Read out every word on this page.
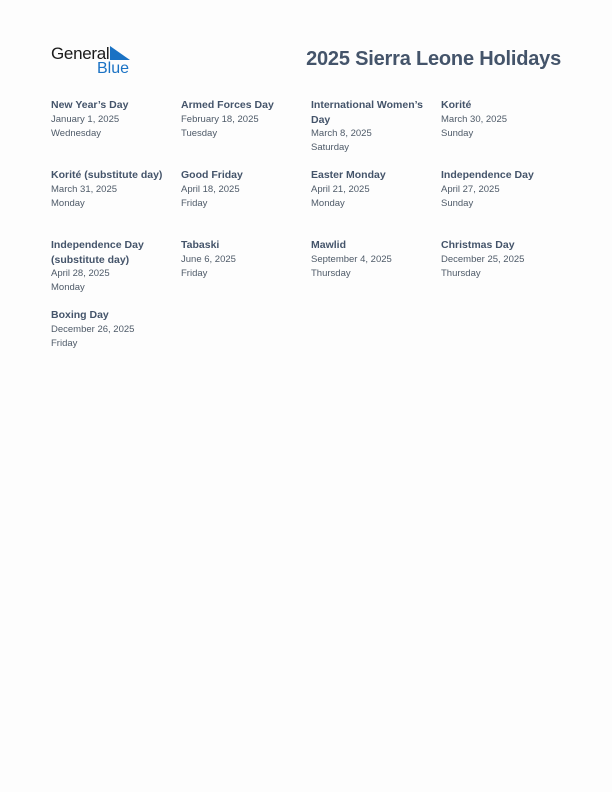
General
Blue	2025 Sierra Leone Holidays
New Year’s Day
January 1, 2025
Wednesday
Armed Forces Day
February 18, 2025
Tuesday
International Women’s Day
March 8, 2025
Saturday
Korité
March 30, 2025
Sunday
Korité (substitute day)
March 31, 2025
Monday
Good Friday
April 18, 2025
Friday
Easter Monday
April 21, 2025
Monday
Independence Day
April 27, 2025
Sunday
Independence Day (substitute day)
April 28, 2025
Monday
Tabaski
June 6, 2025
Friday
Mawlid
September 4, 2025
Thursday
Christmas Day
December 25, 2025
Thursday
Boxing Day
December 26, 2025
Friday
